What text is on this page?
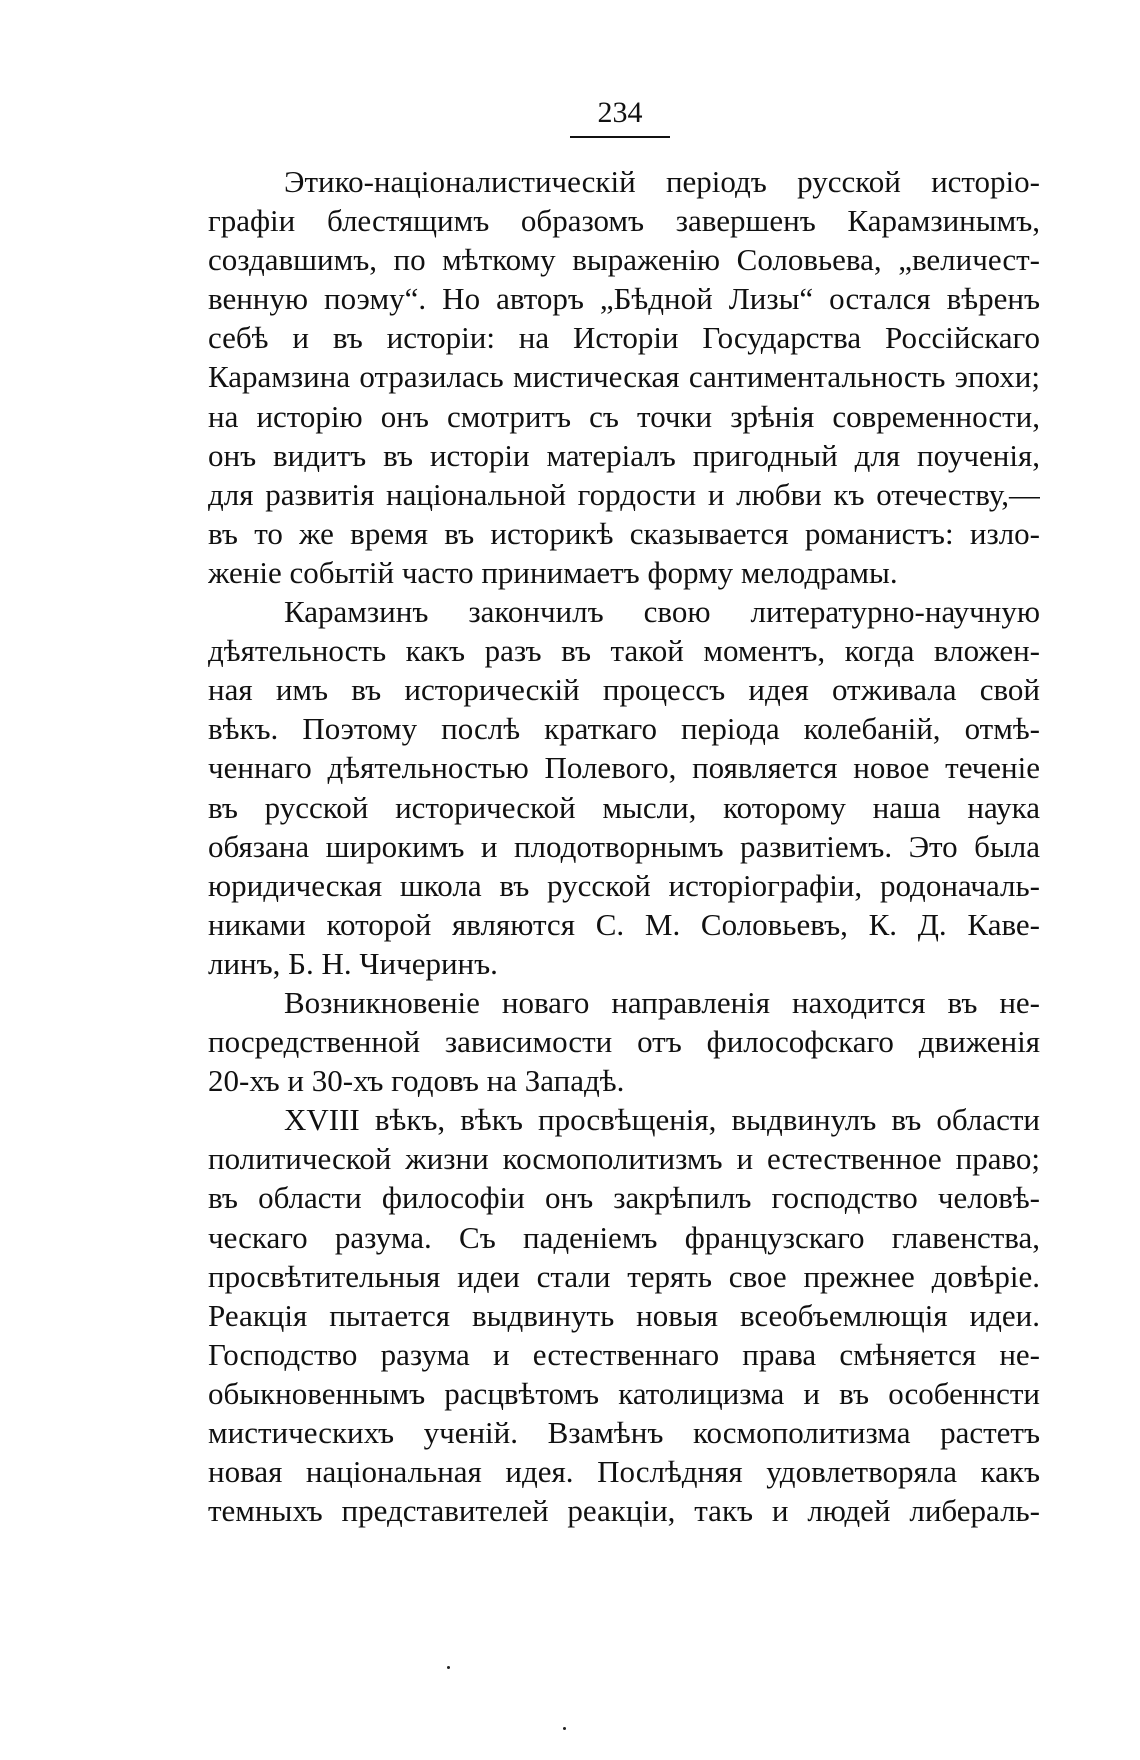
234

Этико-націоналистическій періодъ русской исторіо-
графіи блестящимъ образомъ завершенъ Карамзинымъ,
создавшимъ, по мѣткому выраженію Соловьева, „величест-
венную поэму“. Но авторъ „Бѣдной Лизы“ остался вѣренъ
себѣ и въ исторіи: на Исторіи Государства Россійскаго
Карамзина отразилась мистическая сантиментальность эпохи;
на исторію онъ смотритъ съ точки зрѣнія современности,
онъ видитъ въ исторіи матеріалъ пригодный для поученія,
для развитія національной гордости и любви къ отечеству,—
въ то же время въ историкѣ сказывается романистъ: изло-
женіе событій часто принимаетъ форму мелодрамы.

Карамзинъ закончилъ свою литературно-научную
дѣятельность какъ разъ въ такой моментъ, когда вложен-
ная имъ въ историческій процессъ идея отживала свой
вѣкъ. Поэтому послѣ краткаго періода колебаній, отмѣ-
ченнаго дѣятельностью Полевого, появляется новое теченіе
въ русской исторической мысли, которому наша наука
обязана широкимъ и плодотворнымъ развитіемъ. Это была
юридическая школа въ русской исторіографіи, родоначаль-
никами которой являются С. М. Соловьевъ, К. Д. Каве-
линъ, Б. Н. Чичеринъ.

Возникновеніе новаго направленія находится въ не-
посредственной зависимости отъ философскаго движенія
20-хъ и 30-хъ годовъ на Западѣ.

XVIII вѣкъ, вѣкъ просвѣщенія, выдвинулъ въ области
политической жизни космополитизмъ и естественное право;
въ области философіи онъ закрѣпилъ господство человѣ-
ческаго разума. Съ паденіемъ французскаго главенства,
просвѣтительныя идеи стали терять свое прежнее довѣріе.
Реакція пытается выдвинуть новыя всеобъемлющія идеи.
Господство разума и естественнаго права смѣняется не-
обыкновеннымъ расцвѣтомъ католицизма и въ особеннсти
мистическихъ ученій. Взамѣнъ космополитизма растетъ
новая національная идея. Послѣдняя удовлетворяла какъ
темныхъ представителей реакціи, такъ и людей либераль-
